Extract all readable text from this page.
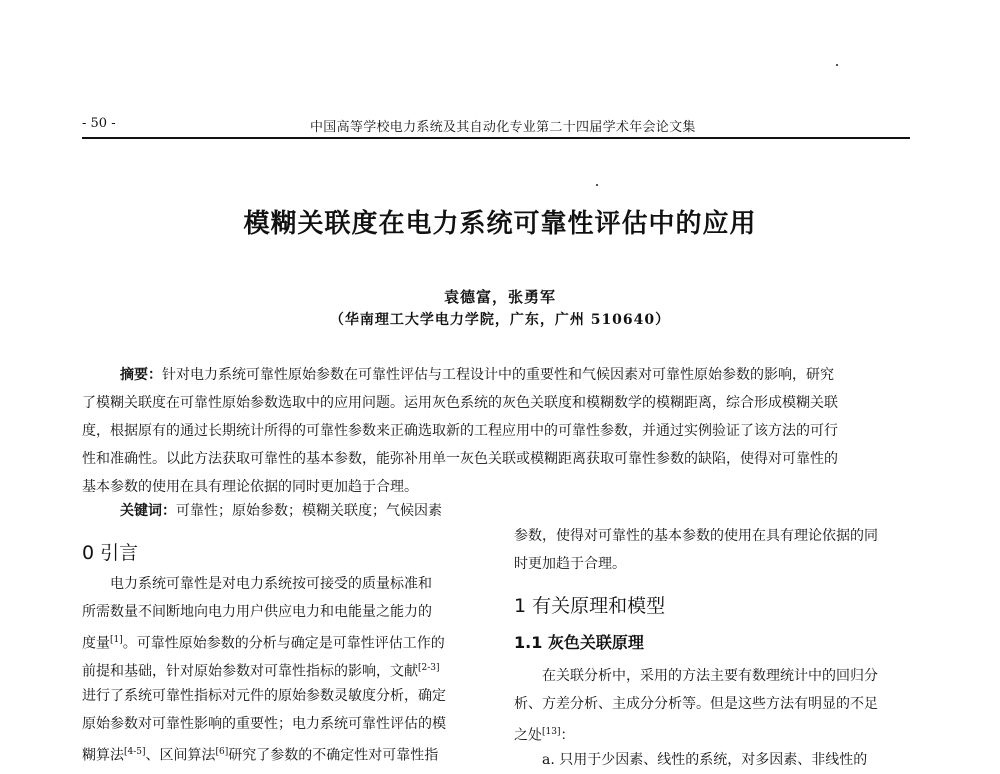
- 50 -	中国高等学校电力系统及其自动化专业第二十四届学术年会论文集
模糊关联度在电力系统可靠性评估中的应用
袁德富，张勇军
（华南理工大学电力学院，广东，广州 510640）
摘要：针对电力系统可靠性原始参数在可靠性评估与工程设计中的重要性和气候因素对可靠性原始参数的影响，研究
了模糊关联度在可靠性原始参数选取中的应用问题。运用灰色系统的灰色关联度和模糊数学的模糊距离，综合形成模糊关联
度，根据原有的通过长期统计所得的可靠性参数来正确选取新的工程应用中的可靠性参数，并通过实例验证了该方法的可行
性和准确性。以此方法获取可靠性的基本参数，能弥补用单一灰色关联或模糊距离获取可靠性参数的缺陷，使得对可靠性的
基本参数的使用在具有理论依据的同时更加趋于合理。
关键词：可靠性；原始参数；模糊关联度；气候因素
0 引言
电力系统可靠性是对电力系统按可接受的质量标准和
所需数量不间断地向电力用户供应电力和电能量之能力的
度量[1]。可靠性原始参数的分析与确定是可靠性评估工作的
前提和基础，针对原始参数对可靠性指标的影响，文献[2-3]
进行了系统可靠性指标对元件的原始参数灵敏度分析，确定
原始参数对可靠性影响的重要性；电力系统可靠性评估的模
糊算法[4-5]、区间算法[6]研究了参数的不确定性对可靠性指
参数，使得对可靠性的基本参数的使用在具有理论依据的同
时更加趋于合理。
1 有关原理和模型
1.1 灰色关联原理
在关联分析中，采用的方法主要有数理统计中的回归分
析、方差分析、主成分分析等。但是这些方法有明显的不足
之处[13]：
a. 只用于少因素、线性的系统，对多因素、非线性的
